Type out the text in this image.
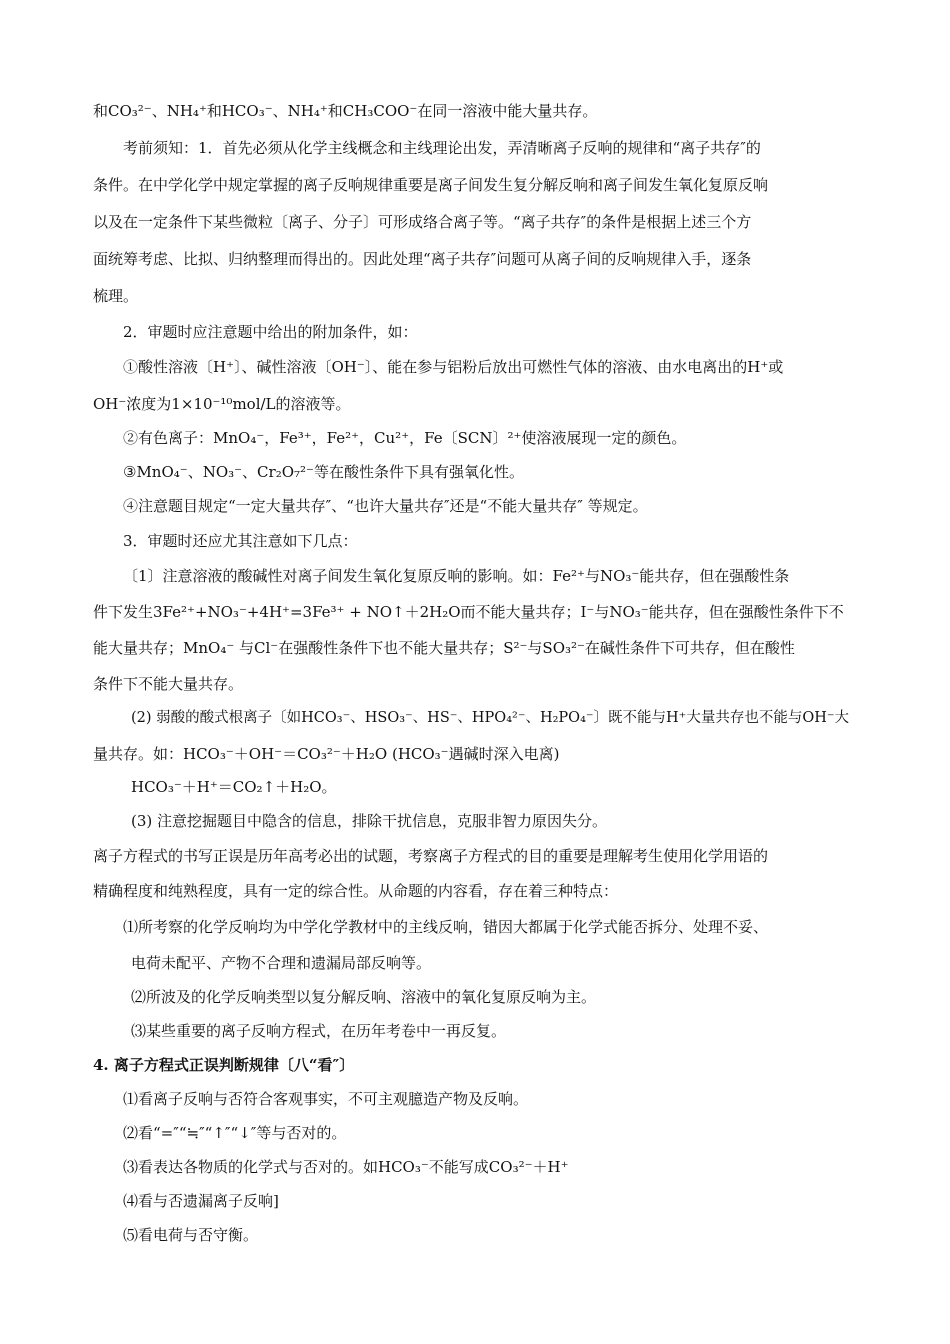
和CO₃²⁻、NH₄⁺和HCO₃⁻、NH₄⁺和CH₃COO⁻在同一溶液中能大量共存。
考前须知：1．首先必须从化学主线概念和主线理论出发，弄清晰离子反响的规律和“离子共存″的
条件。在中学化学中规定掌握的离子反响规律重要是离子间发生复分解反响和离子间发生氧化复原反响
以及在一定条件下某些微粒〔离子、分子〕可形成络合离子等。“离子共存″的条件是根据上述三个方
面统筹考虑、比拟、归纳整理而得出的。因此处理“离子共存″问题可从离子间的反响规律入手，逐条
梳理。
2．审题时应注意题中给出的附加条件，如：
①酸性溶液〔H⁺〕、碱性溶液〔OH⁻〕、能在参与铝粉后放出可燃性气体的溶液、由水电离出的H⁺或
OH⁻浓度为1×10⁻¹⁰mol/L的溶液等。
②有色离子：MnO₄⁻，Fe³⁺，Fe²⁺，Cu²⁺，Fe〔SCN〕²⁺使溶液展现一定的颜色。
③MnO₄⁻、NO₃⁻、Cr₂O₇²⁻等在酸性条件下具有强氧化性。
④注意题目规定“一定大量共存″、“也许大量共存″还是“不能大量共存″ 等规定。
3．审题时还应尤其注意如下几点：
〔1〕注意溶液的酸碱性对离子间发生氧化复原反响的影响。如：Fe²⁺与NO₃⁻能共存，但在强酸性条
件下发生3Fe²⁺+NO₃⁻+4H⁺=3Fe³⁺ + NO↑＋2H₂O而不能大量共存；I⁻与NO₃⁻能共存，但在强酸性条件下不
能大量共存；MnO₄⁻ 与Cl⁻在强酸性条件下也不能大量共存；S²⁻与SO₃²⁻在碱性条件下可共存，但在酸性
条件下不能大量共存。
(2) 弱酸的酸式根离子〔如HCO₃⁻、HSO₃⁻、HS⁻、HPO₄²⁻、H₂PO₄⁻〕既不能与H⁺大量共存也不能与OH⁻大
量共存。如：HCO₃⁻＋OH⁻＝CO₃²⁻＋H₂O (HCO₃⁻遇碱时深入电离)
HCO₃⁻＋H⁺＝CO₂↑＋H₂O。
(3) 注意挖掘题目中隐含的信息，排除干扰信息，克服非智力原因失分。
离子方程式的书写正误是历年高考必出的试题，考察离子方程式的目的重要是理解考生使用化学用语的
精确程度和纯熟程度，具有一定的综合性。从命题的内容看，存在着三种特点：
⑴所考察的化学反响均为中学化学教材中的主线反响，错因大都属于化学式能否拆分、处理不妥、
电荷未配平、产物不合理和遗漏局部反响等。
⑵所波及的化学反响类型以复分解反响、溶液中的氧化复原反响为主。
⑶某些重要的离子反响方程式，在历年考卷中一再反复。
4. 离子方程式正误判断规律〔八“看″〕
⑴看离子反响与否符合客观事实，不可主观臆造产物及反响。
⑵看“=″“≒″“↑″“↓″等与否对的。
⑶看表达各物质的化学式与否对的。如HCO₃⁻不能写成CO₃²⁻＋H⁺
⑷看与否遗漏离子反响]
⑸看电荷与否守衡。
